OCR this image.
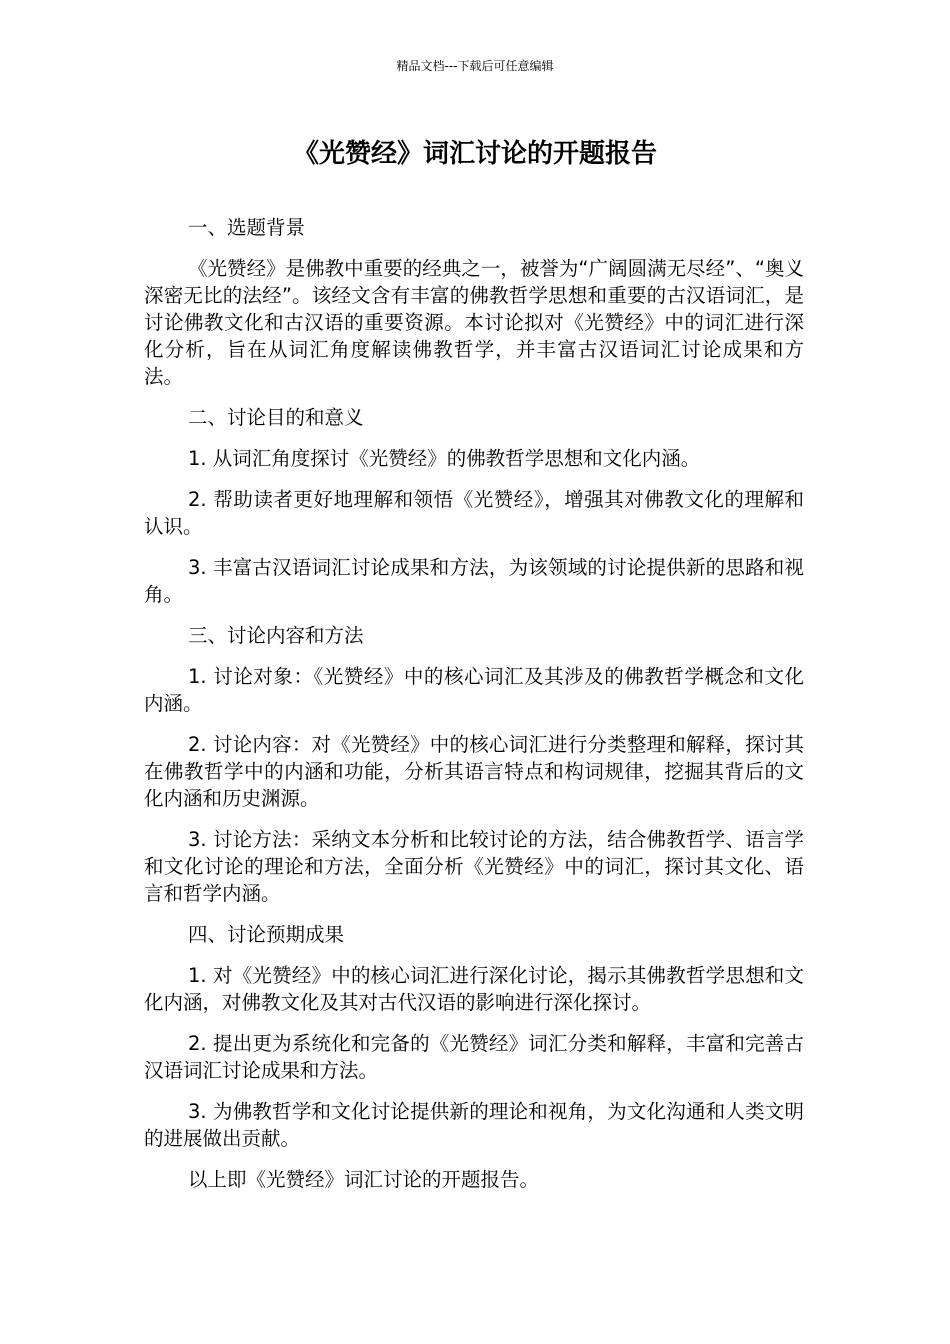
精品文档---下载后可任意编辑
《光赞经》词汇讨论的开题报告

一、选题背景

《光赞经》是佛教中重要的经典之一，被誉为“广阔圆满无尽经”、“奥义深密无比的法经”。该经文含有丰富的佛教哲学思想和重要的古汉语词汇，是讨论佛教文化和古汉语的重要资源。本讨论拟对《光赞经》中的词汇进行深化分析，旨在从词汇角度解读佛教哲学，并丰富古汉语词汇讨论成果和方法。

二、讨论目的和意义

1. 从词汇角度探讨《光赞经》的佛教哲学思想和文化内涵。

2. 帮助读者更好地理解和领悟《光赞经》，增强其对佛教文化的理解和认识。

3. 丰富古汉语词汇讨论成果和方法，为该领域的讨论提供新的思路和视角。

三、讨论内容和方法

1. 讨论对象：《光赞经》中的核心词汇及其涉及的佛教哲学概念和文化内涵。

2. 讨论内容：对《光赞经》中的核心词汇进行分类整理和解释，探讨其在佛教哲学中的内涵和功能，分析其语言特点和构词规律，挖掘其背后的文化内涵和历史渊源。

3. 讨论方法：采纳文本分析和比较讨论的方法，结合佛教哲学、语言学和文化讨论的理论和方法，全面分析《光赞经》中的词汇，探讨其文化、语言和哲学内涵。

四、讨论预期成果

1. 对《光赞经》中的核心词汇进行深化讨论，揭示其佛教哲学思想和文化内涵，对佛教文化及其对古代汉语的影响进行深化探讨。

2. 提出更为系统化和完备的《光赞经》词汇分类和解释，丰富和完善古汉语词汇讨论成果和方法。

3. 为佛教哲学和文化讨论提供新的理论和视角，为文化沟通和人类文明的进展做出贡献。

以上即《光赞经》词汇讨论的开题报告。
